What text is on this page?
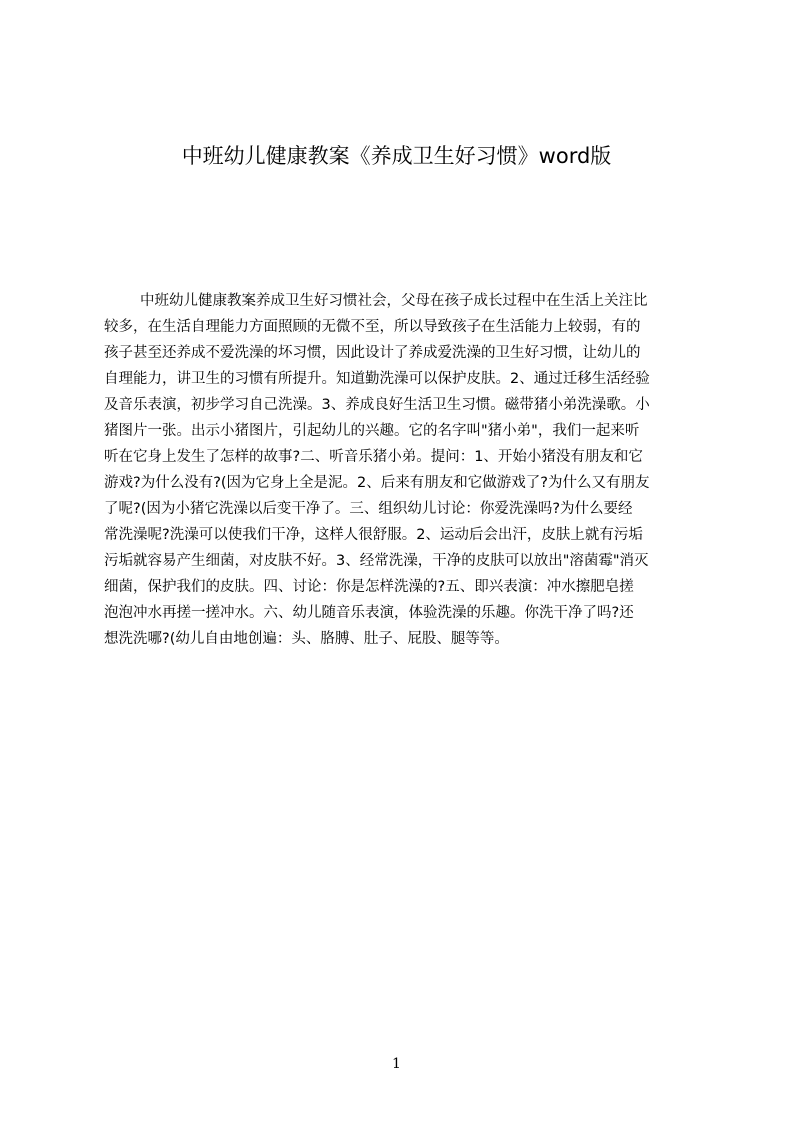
中班幼儿健康教案《养成卫生好习惯》word版
中班幼儿健康教案养成卫生好习惯社会，父母在孩子成长过程中在生活上关注比
较多，在生活自理能力方面照顾的无微不至，所以导致孩子在生活能力上较弱，有的
孩子甚至还养成不爱洗澡的坏习惯，因此设计了养成爱洗澡的卫生好习惯，让幼儿的
自理能力，讲卫生的习惯有所提升。知道勤洗澡可以保护皮肤。2、通过迁移生活经验
及音乐表演，初步学习自己洗澡。3、养成良好生活卫生习惯。磁带猪小弟洗澡歌。小
猪图片一张。出示小猪图片，引起幼儿的兴趣。它的名字叫"猪小弟"，我们一起来听
听在它身上发生了怎样的故事?二、听音乐猪小弟。提问：1、开始小猪没有朋友和它
游戏?为什么没有?(因为它身上全是泥。2、后来有朋友和它做游戏了?为什么又有朋友
了呢?(因为小猪它洗澡以后变干净了。三、组织幼儿讨论：你爱洗澡吗?为什么要经
常洗澡呢?洗澡可以使我们干净，这样人很舒服。2、运动后会出汗，皮肤上就有污垢
污垢就容易产生细菌，对皮肤不好。3、经常洗澡，干净的皮肤可以放出"溶菌霉"消灭
细菌，保护我们的皮肤。四、讨论：你是怎样洗澡的?五、即兴表演：冲水擦肥皂搓
泡泡冲水再搓一搓冲水。六、幼儿随音乐表演，体验洗澡的乐趣。你洗干净了吗?还
想洗洗哪?(幼儿自由地创遍：头、胳膊、肚子、屁股、腿等等。
1
